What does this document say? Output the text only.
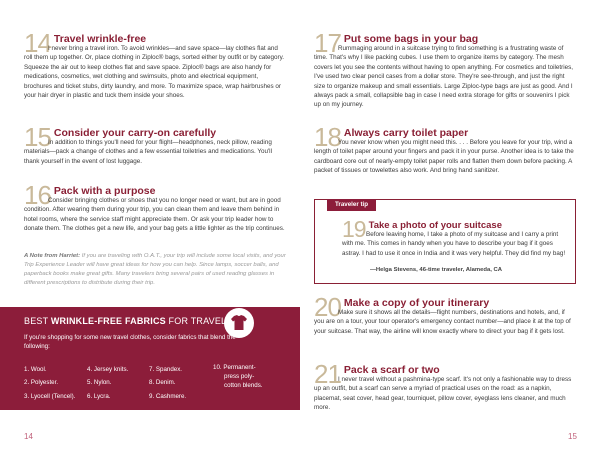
14 Travel wrinkle-free

I never bring a travel iron. To avoid wrinkles—and save space—lay clothes flat and roll them up together. Or, place clothing in Ziploc® bags, sorted either by outfit or by category. Squeeze the air out to keep clothes flat and save space. Ziploc® bags are also handy for medications, cosmetics, wet clothing and swimsuits, photo and electrical equipment, brochures and ticket stubs, dirty laundry, and more. To maximize space, wrap hairbrushes or your hair dryer in plastic and tuck them inside your shoes.

15 Consider your carry-on carefully

In addition to things you'll need for your flight—headphones, neck pillow, reading materials—pack a change of clothes and a few essential toiletries and medications. You'll thank yourself in the event of lost luggage.

16 Pack with a purpose

Consider bringing clothes or shoes that you no longer need or want, but are in good condition. After wearing them during your trip, you can clean them and leave them behind in hotel rooms, where the service staff might appreciate them. Or ask your trip leader how to donate them. The clothes get a new life, and your bag gets a little lighter as the trip continues.

A Note from Harriet: If you are traveling with O.A.T., your trip will include some local visits, and your Trip Experience Leader will have great ideas for how you can help. Since lamps, soccer balls, and paperback books make great gifts. Many travelers bring several pairs of used reading glasses in different prescriptions to distribute during their trip.

BEST WRINKLE-FREE FABRICS FOR TRAVEL
If you're shopping for some new travel clothes, consider fabrics that blend the following:
1. Wool.
2. Polyester.
3. Lyocell (Tencel).
4. Jersey knits.
5. Nylon.
6. Lycra.
7. Spandex.
8. Denim.
9. Cashmere.
10. Permanent-
press poly-
cotton blends.
14
17 Put some bags in your bag

Rummaging around in a suitcase trying to find something is a frustrating waste of time. That's why I like packing cubes. I use them to organize items by category. The mesh covers let you see the contents without having to open anything. For cosmetics and toiletries, I've used two clear pencil cases from a dollar store. They're see-through, and just the right size to organize makeup and small essentials. Large Ziploc-type bags are just as good. And I always pack a small, collapsible bag in case I need extra storage for gifts or souvenirs I pick up on my journey.

18 Always carry toilet paper

You never know when you might need this. . . . Before you leave for your trip, wind a length of toilet paper around your fingers and pack it in your purse. Another idea is to take the cardboard core out of nearly-empty toilet paper rolls and flatten them down before packing. A packet of tissues or towelettes also work. And bring hand sanitizer.

Traveler tip
19 Take a photo of your suitcase

Before leaving home, I take a photo of my suitcase and I carry a print with me. This comes in handy when you have to describe your bag if it goes astray. I had to use it once in India and it was very helpful. They did find my bag!

—Helga Stevens, 46-time traveler, Alameda, CA
20 Make a copy of your itinerary

Make sure it shows all the details—flight numbers, destinations and hotels, and, if you are on a tour, your tour operator's emergency contact number—and place it at the top of your suitcase. That way, the airline will know exactly where to direct your bag if it gets lost.

21 Pack a scarf or two

I never travel without a pashmina-type scarf. It's not only a fashionable way to dress up an outfit, but a scarf can serve a myriad of practical uses on the road: as a napkin, placemat, seat cover, head gear, tourniquet, pillow cover, eyeglass lens cleaner, and much more.

15
